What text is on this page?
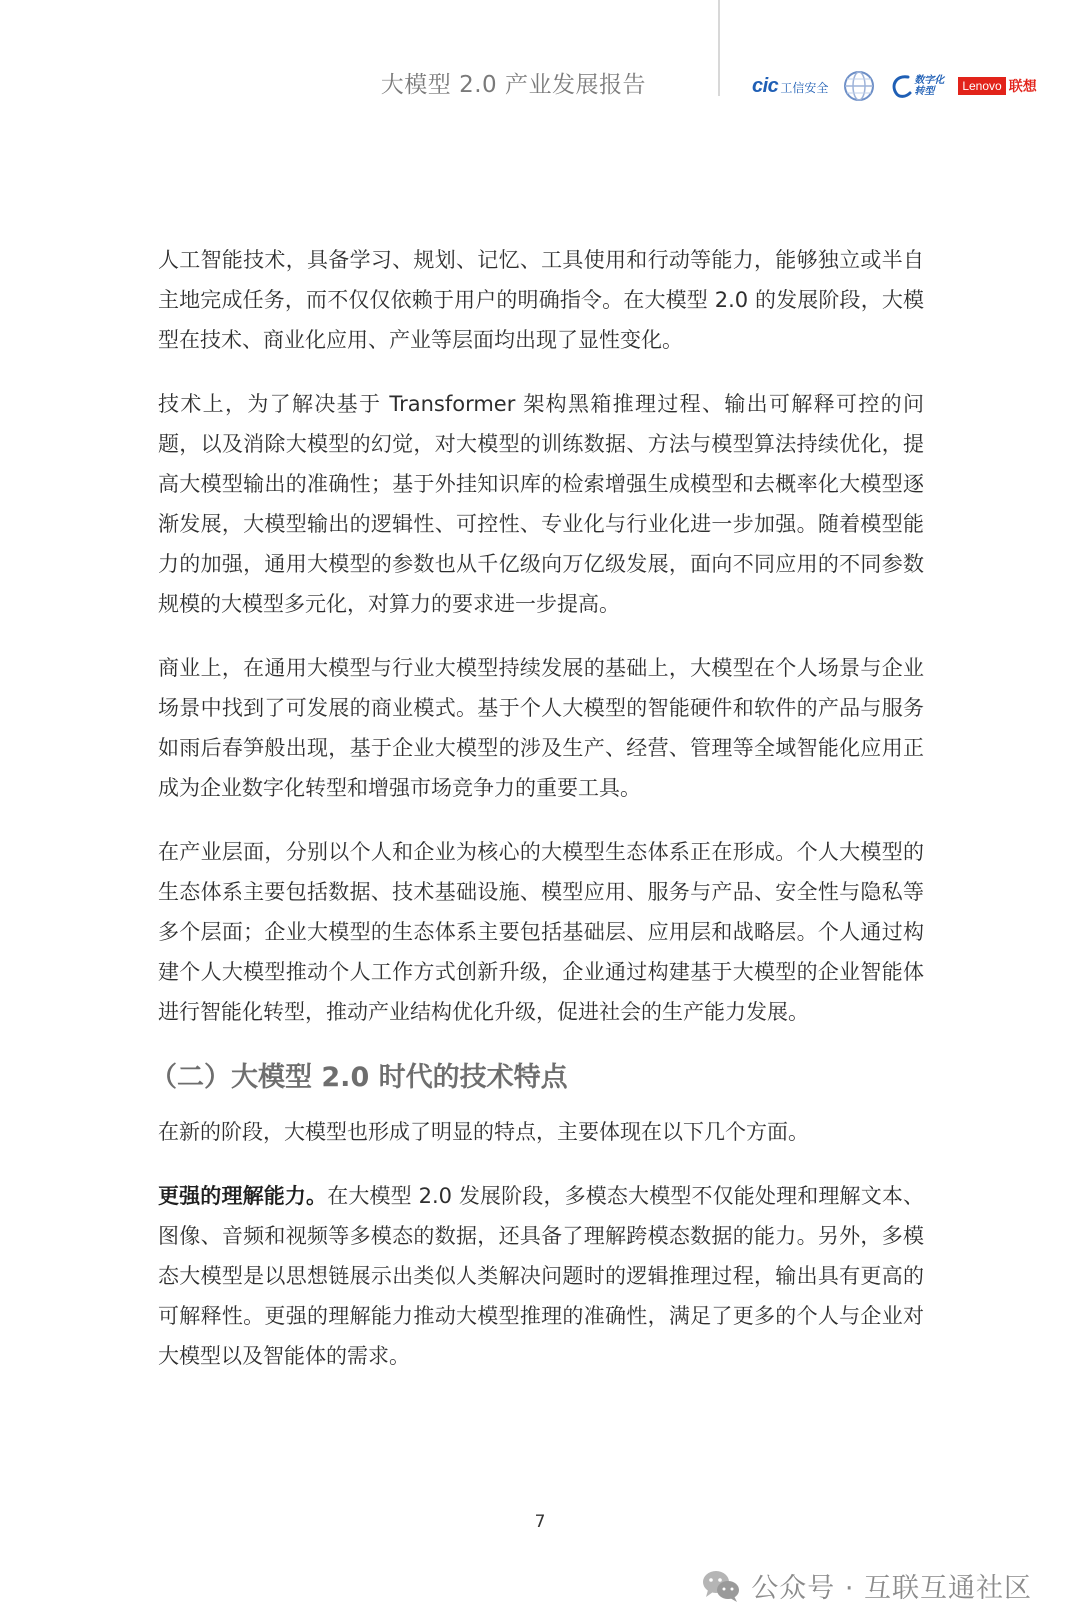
大模型 2.0 产业发展报告	cic 工信安全	数字化转型	Lenovo 联想

人工智能技术，具备学习、规划、记忆、工具使用和行动等能力，能够独立或半自主地完成任务，而不仅仅依赖于用户的明确指令。在大模型 2.0 的发展阶段，大模型在技术、商业化应用、产业等层面均出现了显性变化。

技术上，为了解决基于 Transformer 架构黑箱推理过程、输出可解释可控的问题，以及消除大模型的幻觉，对大模型的训练数据、方法与模型算法持续优化，提高大模型输出的准确性；基于外挂知识库的检索增强生成模型和去概率化大模型逐渐发展，大模型输出的逻辑性、可控性、专业化与行业化进一步加强。随着模型能力的加强，通用大模型的参数也从千亿级向万亿级发展，面向不同应用的不同参数规模的大模型多元化，对算力的要求进一步提高。

商业上，在通用大模型与行业大模型持续发展的基础上，大模型在个人场景与企业场景中找到了可发展的商业模式。基于个人大模型的智能硬件和软件的产品与服务如雨后春笋般出现，基于企业大模型的涉及生产、经营、管理等全域智能化应用正成为企业数字化转型和增强市场竞争力的重要工具。

在产业层面，分别以个人和企业为核心的大模型生态体系正在形成。个人大模型的生态体系主要包括数据、技术基础设施、模型应用、服务与产品、安全性与隐私等多个层面；企业大模型的生态体系主要包括基础层、应用层和战略层。个人通过构建个人大模型推动个人工作方式创新升级，企业通过构建基于大模型的企业智能体进行智能化转型，推动产业结构优化升级，促进社会的生产能力发展。

（二）大模型 2.0 时代的技术特点

在新的阶段，大模型也形成了明显的特点，主要体现在以下几个方面。

更强的理解能力。在大模型 2.0 发展阶段，多模态大模型不仅能处理和理解文本、图像、音频和视频等多模态的数据，还具备了理解跨模态数据的能力。另外，多模态大模型是以思想链展示出类似人类解决问题时的逻辑推理过程，输出具有更高的可解释性。更强的理解能力推动大模型推理的准确性，满足了更多的个人与企业对大模型以及智能体的需求。

7
公众号 · 互联互通社区
